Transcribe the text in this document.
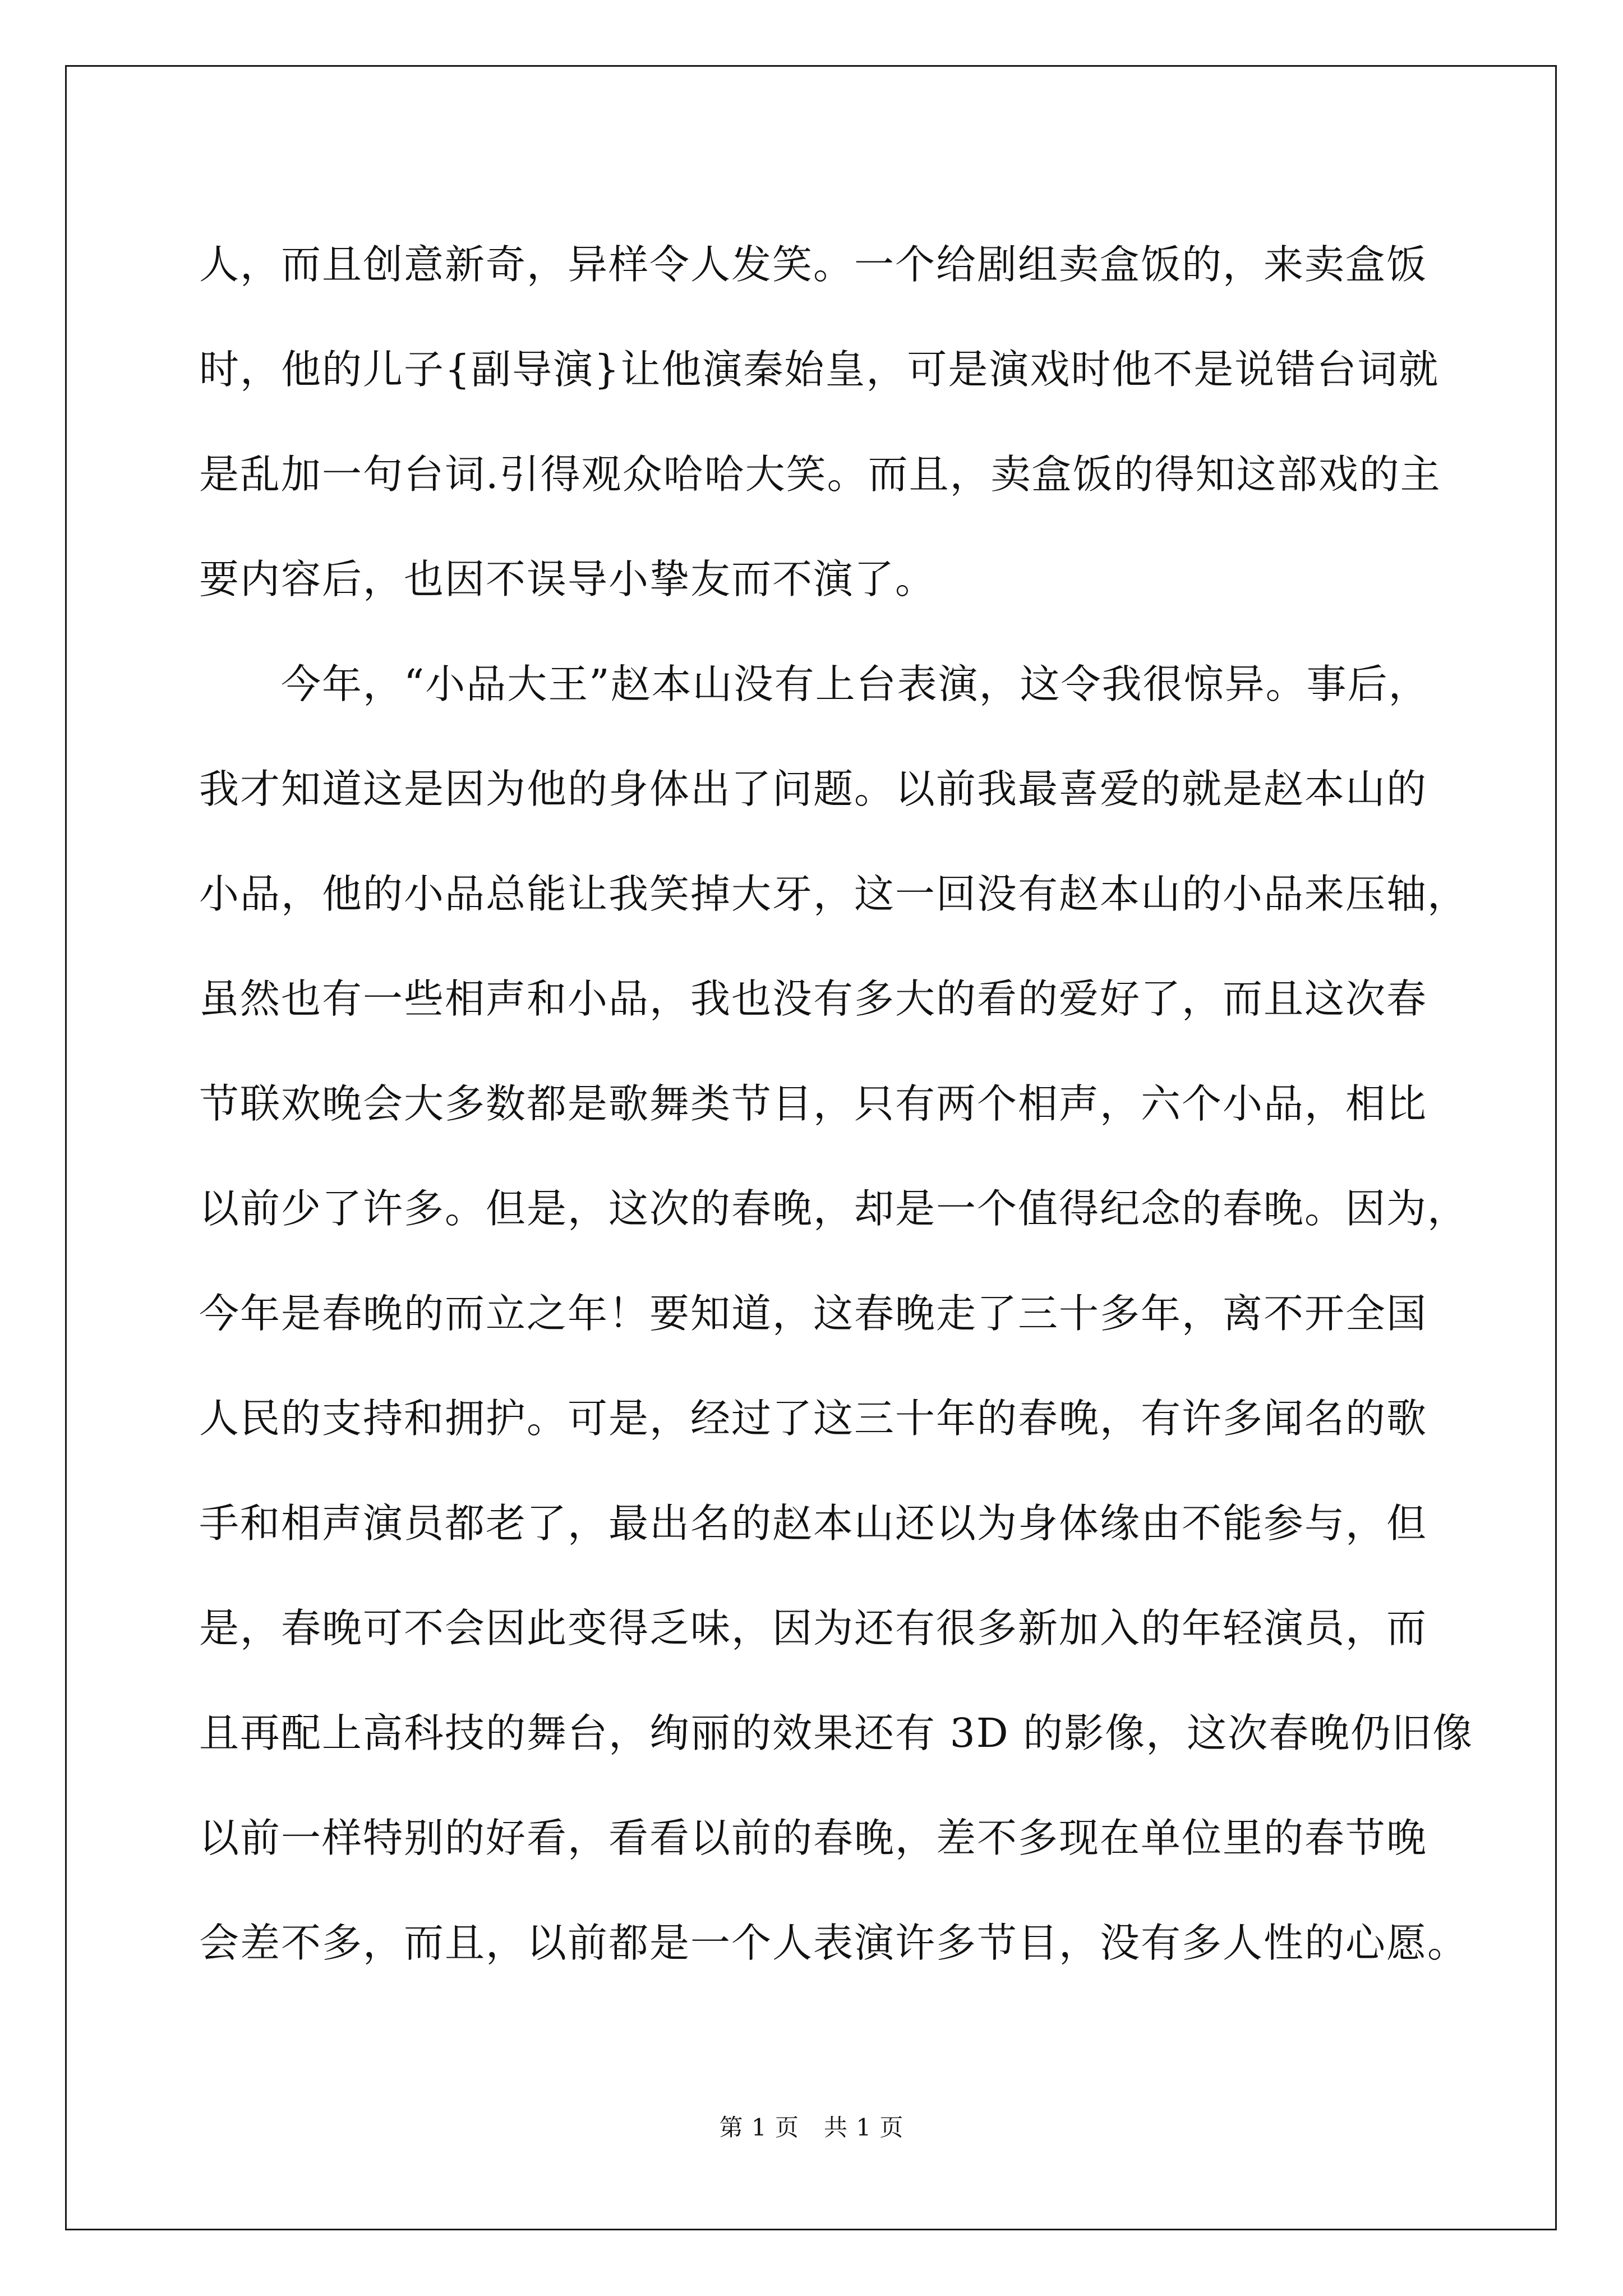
人，而且创意新奇，异样令人发笑。一个给剧组卖盒饭的，来卖盒饭
时，他的儿子{副导演}让他演秦始皇，可是演戏时他不是说错台词就
是乱加一句台词.引得观众哈哈大笑。而且，卖盒饭的得知这部戏的主
要内容后，也因不误导小挚友而不演了。
今年，“小品大王”赵本山没有上台表演，这令我很惊异。事后，
我才知道这是因为他的身体出了问题。以前我最喜爱的就是赵本山的
小品，他的小品总能让我笑掉大牙，这一回没有赵本山的小品来压轴，
虽然也有一些相声和小品，我也没有多大的看的爱好了，而且这次春
节联欢晚会大多数都是歌舞类节目，只有两个相声，六个小品，相比
以前少了许多。但是，这次的春晚，却是一个值得纪念的春晚。因为，
今年是春晚的而立之年！要知道，这春晚走了三十多年，离不开全国
人民的支持和拥护。可是，经过了这三十年的春晚，有许多闻名的歌
手和相声演员都老了，最出名的赵本山还以为身体缘由不能参与，但
是，春晚可不会因此变得乏味，因为还有很多新加入的年轻演员，而
且再配上高科技的舞台，绚丽的效果还有 3D 的影像，这次春晚仍旧像
以前一样特别的好看，看看以前的春晚，差不多现在单位里的春节晚
会差不多，而且，以前都是一个人表演许多节目，没有多人性的心愿。
第 1 页 共 1 页
